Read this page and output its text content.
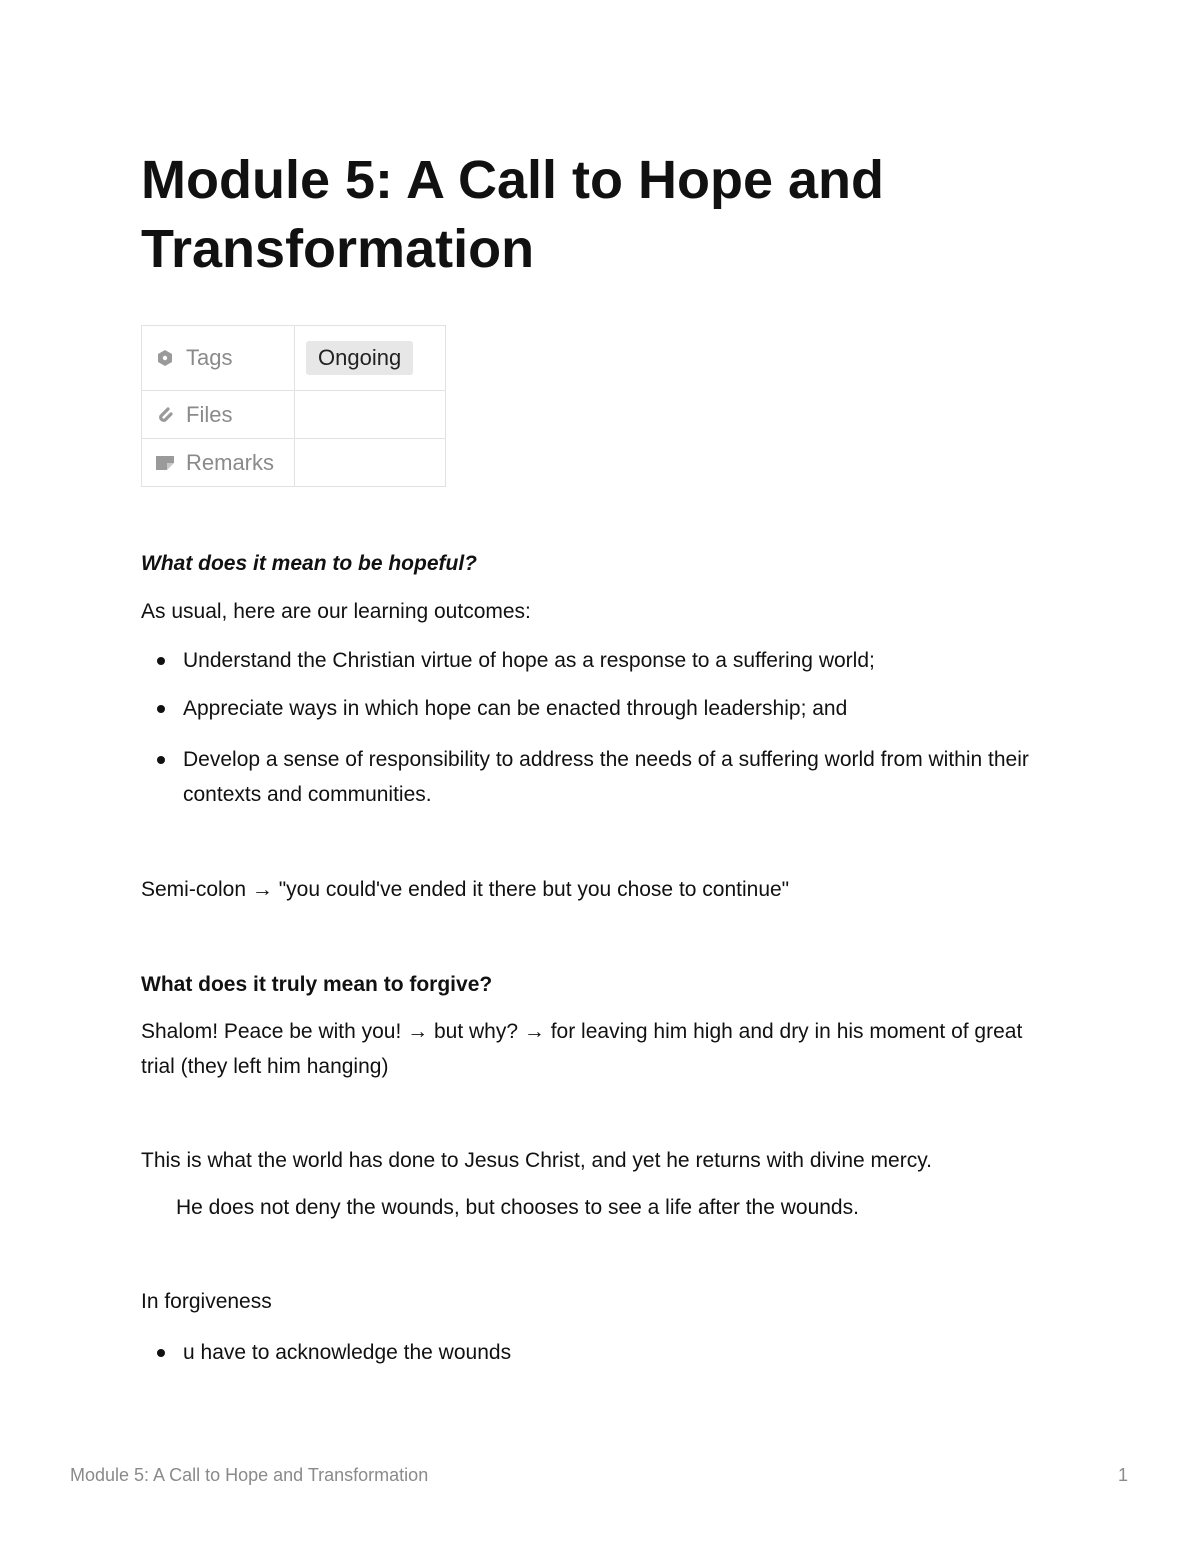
Module 5: A Call to Hope and Transformation
Tags	Ongoing

Files	

Remarks	

What does it mean to be hopeful?

As usual, here are our learning outcomes:

Understand the Christian virtue of hope as a response to a suffering world;
Appreciate ways in which hope can be enacted through leadership; and
Develop a sense of responsibility to address the needs of a suffering world from within their contexts and communities.

Semi-colon → "you could've ended it there but you chose to continue"

What does it truly mean to forgive?

Shalom! Peace be with you! → but why? → for leaving him high and dry in his moment of great trial (they left him hanging)

This is what the world has done to Jesus Christ, and yet he returns with divine mercy.

He does not deny the wounds, but chooses to see a life after the wounds.

In forgiveness

u have to acknowledge the wounds
Module 5: A Call to Hope and Transformation	1
